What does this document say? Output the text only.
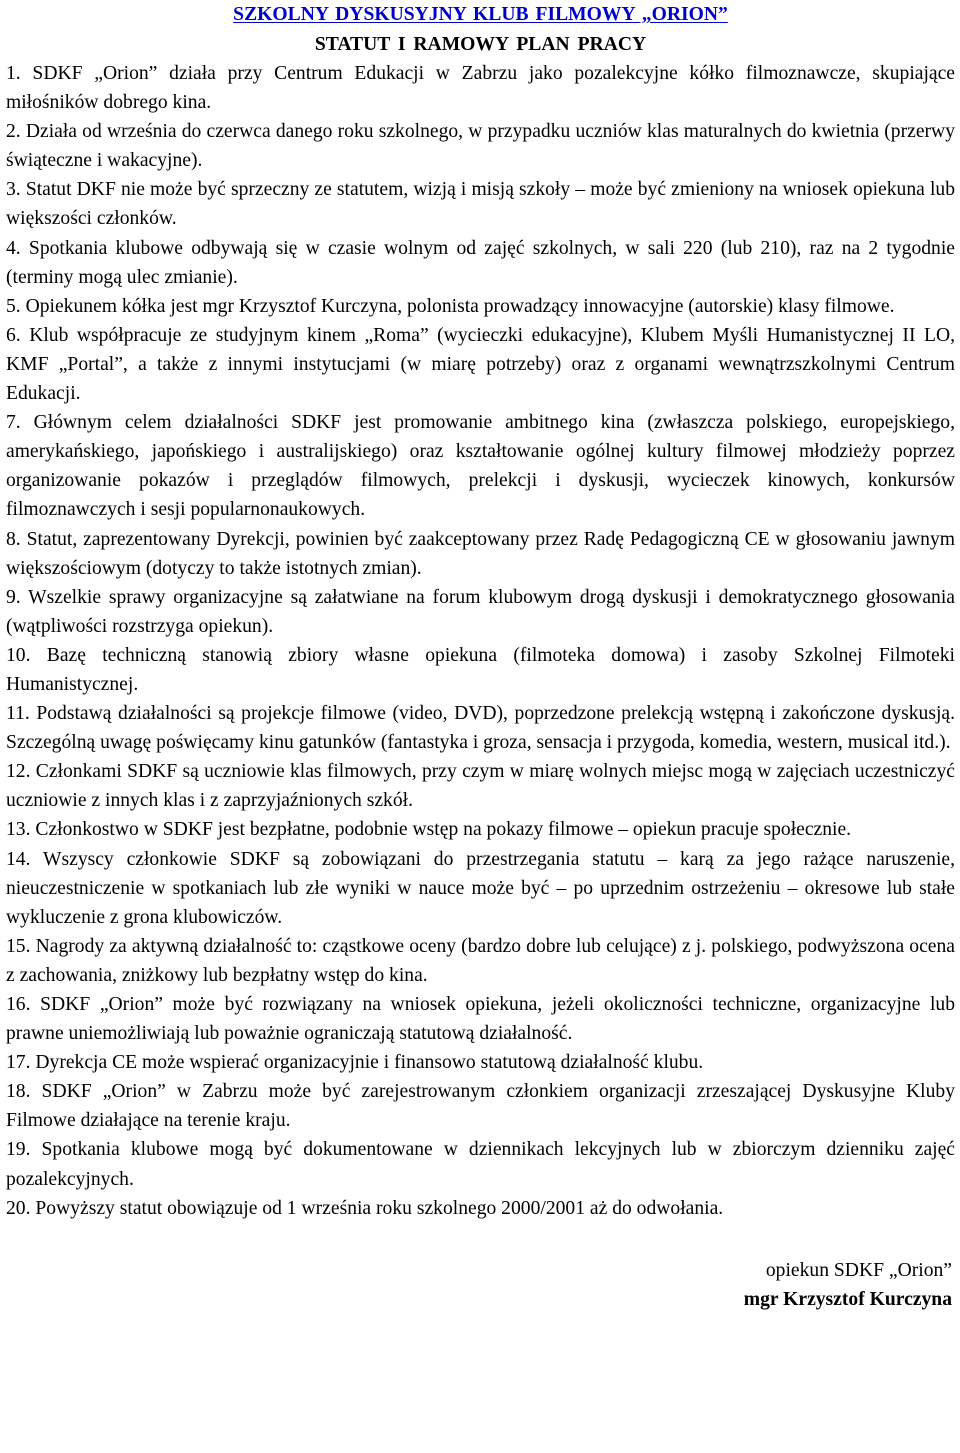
SZKOLNY DYSKUSYJNY KLUB FILMOWY „ORION”
STATUT I RAMOWY PLAN PRACY

1. SDKF „Orion” działa przy Centrum Edukacji w Zabrzu jako pozalekcyjne kółko filmoznawcze, skupiające miłośników dobrego kina.

2. Działa od września do czerwca danego roku szkolnego, w przypadku uczniów klas maturalnych do kwietnia (przerwy świąteczne i wakacyjne).

3. Statut DKF nie może być sprzeczny ze statutem, wizją i misją szkoły – może być zmieniony na wniosek opiekuna lub większości członków.

4. Spotkania klubowe odbywają się w czasie wolnym od zajęć szkolnych, w sali 220 (lub 210), raz na 2 tygodnie (terminy mogą ulec zmianie).

5. Opiekunem kółka jest mgr Krzysztof Kurczyna, polonista prowadzący innowacyjne (autorskie) klasy filmowe.

6. Klub współpracuje ze studyjnym kinem „Roma” (wycieczki edukacyjne), Klubem Myśli Humanistycznej II LO, KMF „Portal”, a także z innymi instytucjami (w miarę potrzeby) oraz z organami wewnątrzszkolnymi Centrum Edukacji.

7. Głównym celem działalności SDKF jest promowanie ambitnego kina (zwłaszcza polskiego, europejskiego, amerykańskiego, japońskiego i australijskiego) oraz kształtowanie ogólnej kultury filmowej młodzieży poprzez organizowanie pokazów i przeglądów filmowych, prelekcji i dyskusji, wycieczek kinowych, konkursów filmoznawczych i sesji popularnonaukowych.

8. Statut, zaprezentowany Dyrekcji, powinien być zaakceptowany przez Radę Pedagogiczną CE w głosowaniu jawnym większościowym (dotyczy to także istotnych zmian).

9. Wszelkie sprawy organizacyjne są załatwiane na forum klubowym drogą dyskusji i demokratycznego głosowania (wątpliwości rozstrzyga opiekun).

10. Bazę techniczną stanowią zbiory własne opiekuna (filmoteka domowa) i zasoby Szkolnej Filmoteki Humanistycznej.

11. Podstawą działalności są projekcje filmowe (video, DVD), poprzedzone prelekcją wstępną i zakończone dyskusją. Szczególną uwagę poświęcamy kinu gatunków (fantastyka i groza, sensacja i przygoda, komedia, western, musical itd.).

12. Członkami SDKF są uczniowie klas filmowych, przy czym w miarę wolnych miejsc mogą w zajęciach uczestniczyć uczniowie z innych klas i z zaprzyjaźnionych szkół.

13. Członkostwo w SDKF jest bezpłatne, podobnie wstęp na pokazy filmowe – opiekun pracuje społecznie.

14. Wszyscy członkowie SDKF są zobowiązani do przestrzegania statutu – karą za jego rażące naruszenie, nieuczestniczenie w spotkaniach lub złe wyniki w nauce może być – po uprzednim ostrzeżeniu – okresowe lub stałe wykluczenie z grona klubowiczów.

15. Nagrody za aktywną działalność to: cząstkowe oceny (bardzo dobre lub celujące) z j. polskiego, podwyższona ocena z zachowania, zniżkowy lub bezpłatny wstęp do kina.

16. SDKF „Orion” może być rozwiązany na wniosek opiekuna, jeżeli okoliczności techniczne, organizacyjne lub prawne uniemożliwiają lub poważnie ograniczają statutową działalność.

17. Dyrekcja CE może wspierać organizacyjnie i finansowo statutową działalność klubu.

18. SDKF „Orion” w Zabrzu może być zarejestrowanym członkiem organizacji zrzeszającej Dyskusyjne Kluby Filmowe działające na terenie kraju.

19. Spotkania klubowe mogą być dokumentowane w dziennikach lekcyjnych lub w zbiorczym dzienniku zajęć pozalekcyjnych.

20. Powyższy statut obowiązuje od 1 września roku szkolnego 2000/2001 aż do odwołania.

opiekun SDKF „Orion”
mgr Krzysztof Kurczyna
